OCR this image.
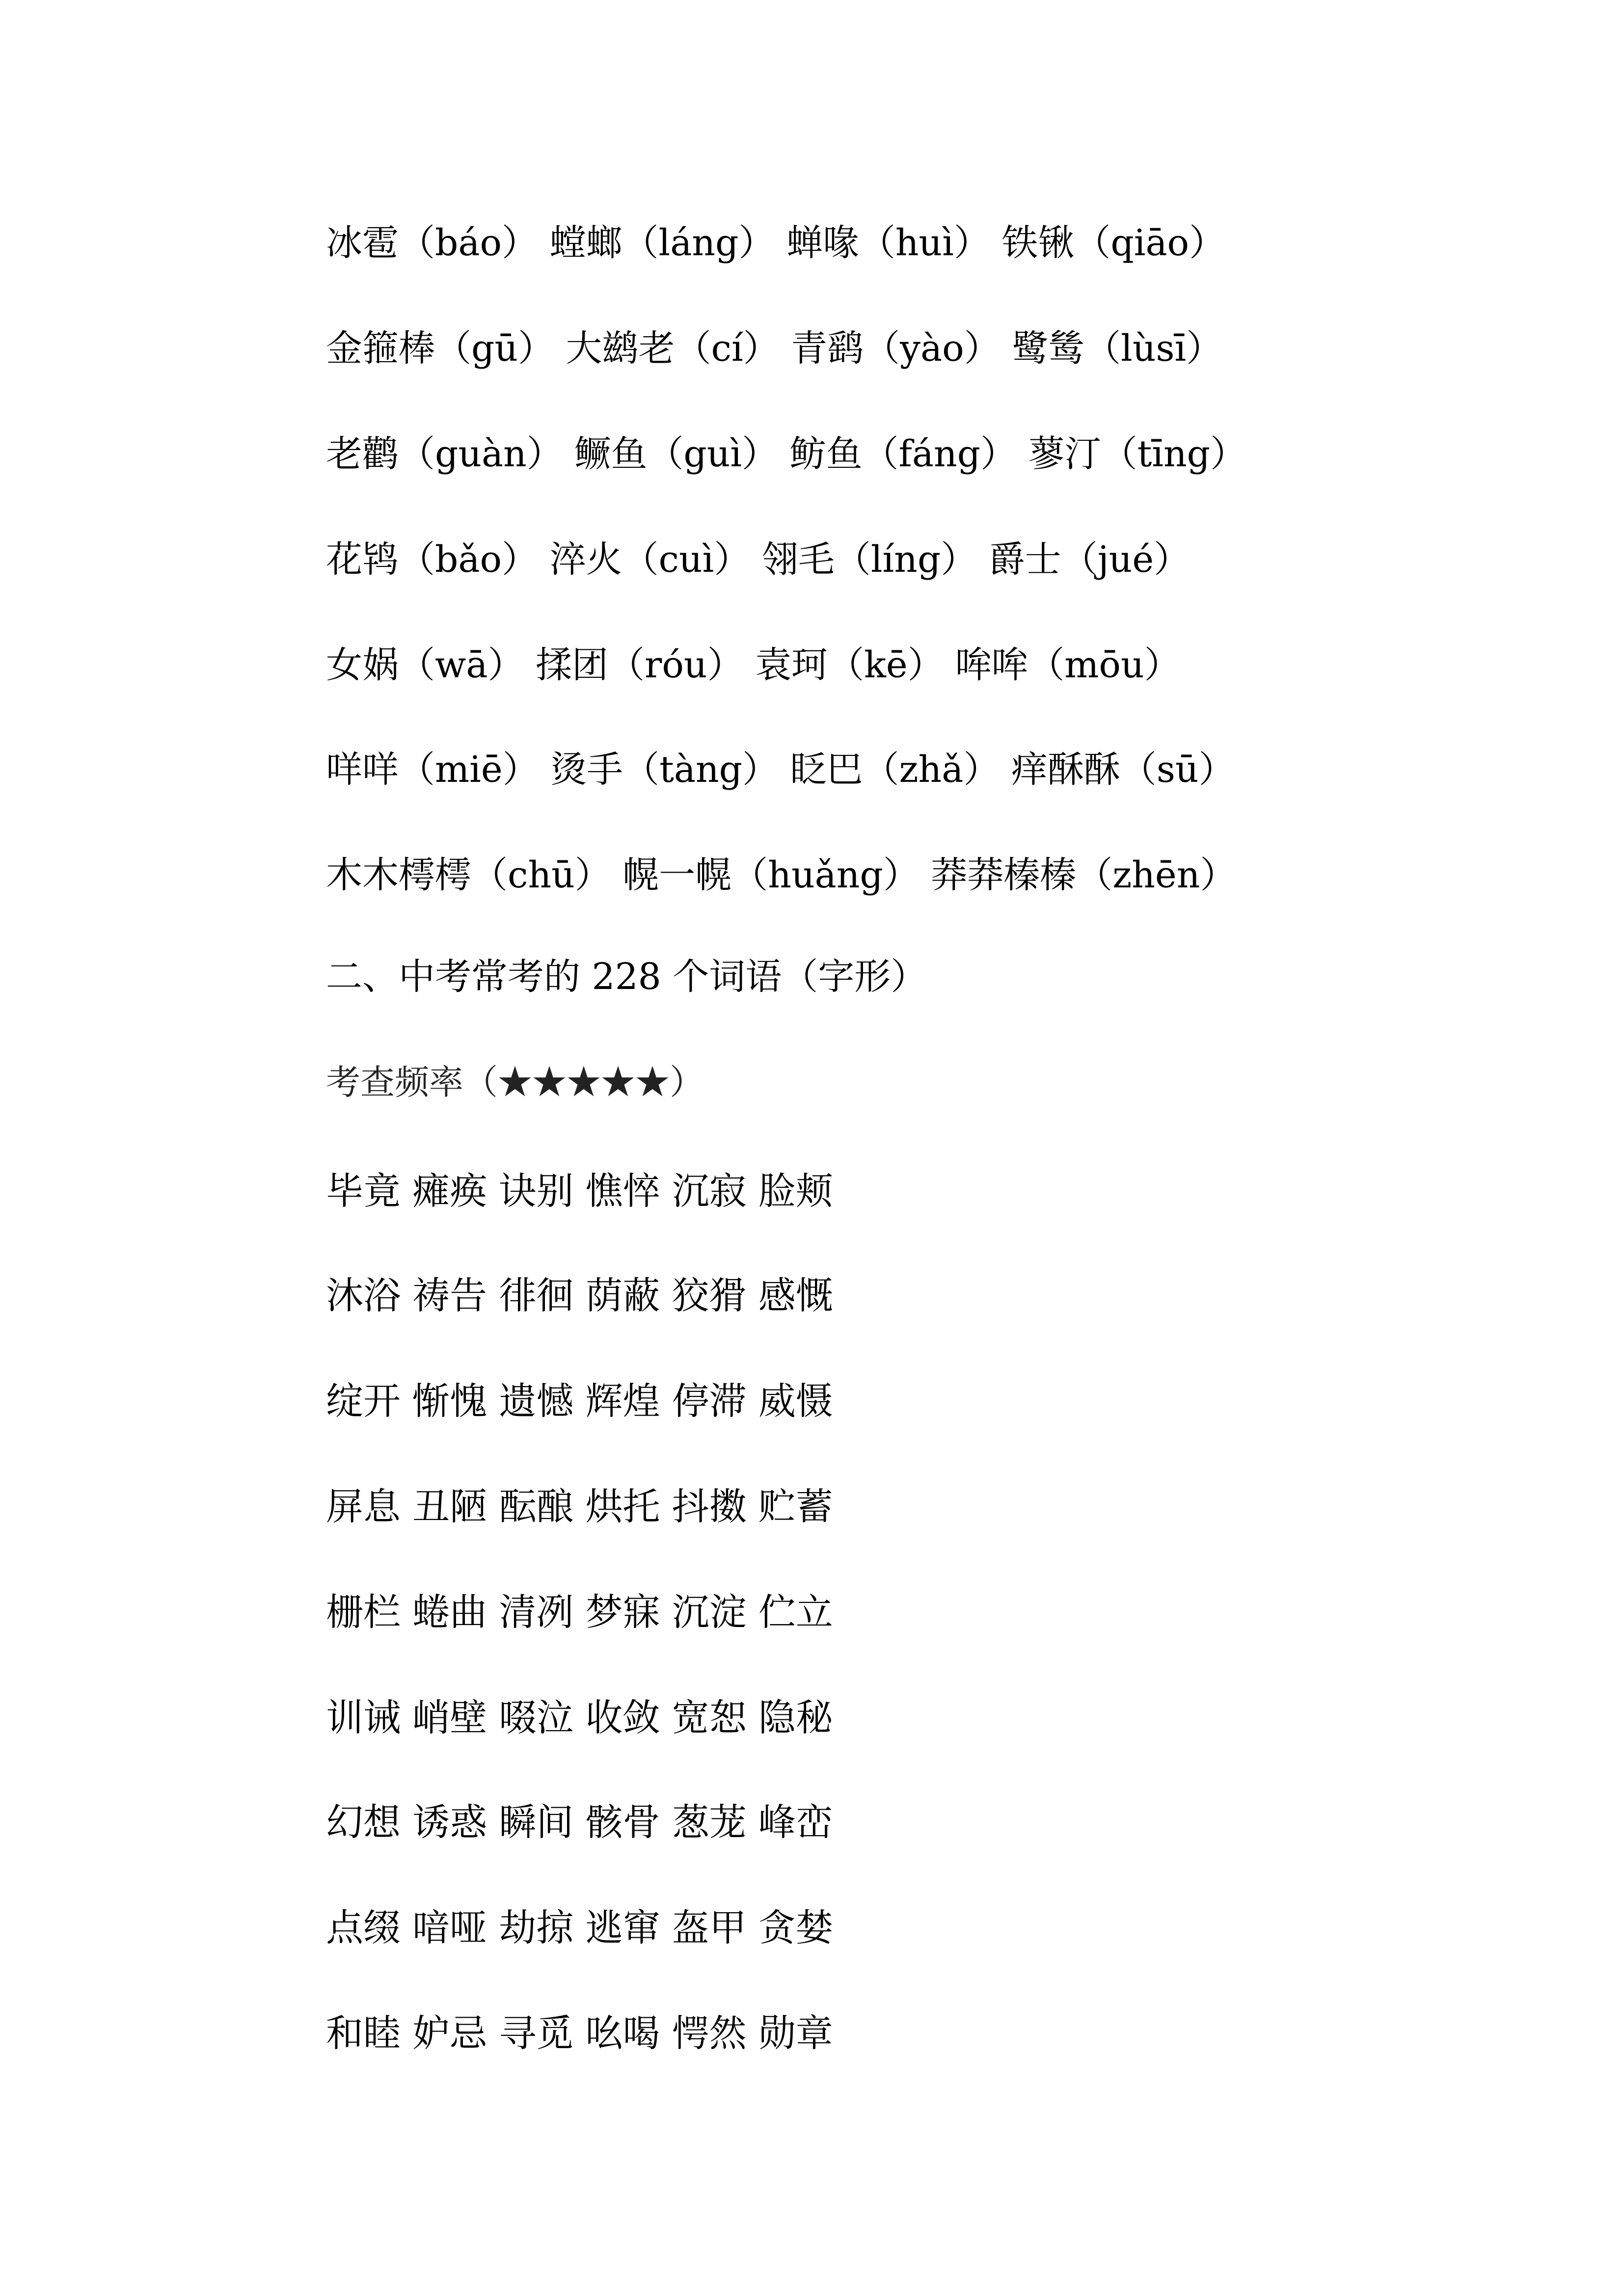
冰雹（báo） 螳螂（láng） 蝉喙（huì） 铁锹（qiāo）
金箍棒（gū） 大鹚老（cí） 青鹞（yào） 鹭鸶（lùsī）
老鹳（guàn） 鳜鱼（guì） 鲂鱼（fáng） 蓼汀（tīng）
花鸨（bǎo） 淬火（cuì） 翎毛（líng） 爵士（jué）
女娲（wā） 揉团（róu） 袁珂（kē） 哞哞（mōu）
咩咩（miē） 烫手（tàng） 眨巴（zhǎ） 痒酥酥（sū）
木木樗樗（chū） 幌一幌（huǎng） 莽莽榛榛（zhēn）
二、中考常考的 228 个词语（字形）
考查频率（★★★★★）
毕竟 瘫痪 诀别 憔悴 沉寂 脸颊
沐浴 祷告 徘徊 荫蔽 狡猾 感慨
绽开 惭愧 遗憾 辉煌 停滞 威慑
屏息 丑陋 酝酿 烘托 抖擞 贮蓄
栅栏 蜷曲 清冽 梦寐 沉淀 伫立
训诫 峭壁 啜泣 收敛 宽恕 隐秘
幻想 诱惑 瞬间 骸骨 葱茏 峰峦
点缀 喑哑 劫掠 逃窜 盔甲 贪婪
和睦 妒忌 寻觅 吆喝 愕然 勋章
